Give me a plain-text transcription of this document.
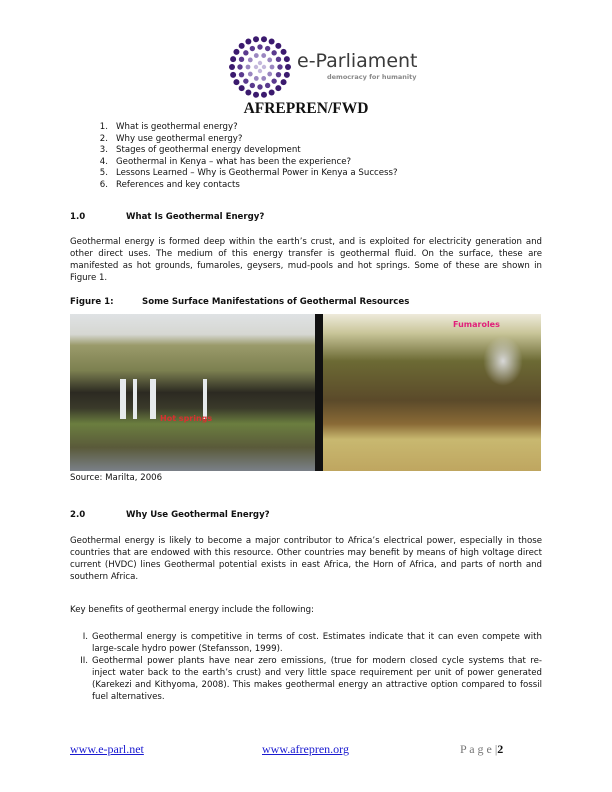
e-Parliament
democracy for humanity
AFREPREN/FWD
1. What is geothermal energy?
2. Why use geothermal energy?
3. Stages of geothermal energy development
4. Geothermal in Kenya – what has been the experience?
5. Lessons Learned – Why is Geothermal Power in Kenya a Success?
6. References and key contacts
1.0	What Is Geothermal Energy?
Geothermal energy is formed deep within the earth’s crust, and is exploited for electricity generation and other direct uses. The medium of this energy transfer is geothermal fluid. On the surface, these are manifested as hot grounds, fumaroles, geysers, mud-pools and hot springs. Some of these are shown in Figure 1.
Figure 1:	Some Surface Manifestations of Geothermal Resources
Hot springs
Fumaroles
Source: Marilta, 2006
2.0	Why Use Geothermal Energy?
Geothermal energy is likely to become a major contributor to Africa’s electrical power, especially in those countries that are endowed with this resource. Other countries may benefit by means of high voltage direct current (HVDC) lines Geothermal potential exists in east Africa, the Horn of Africa, and parts of north and southern Africa.
Key benefits of geothermal energy include the following:
I. Geothermal energy is competitive in terms of cost. Estimates indicate that it can even compete with large-scale hydro power (Stefansson, 1999).
II. Geothermal power plants have near zero emissions, (true for modern closed cycle systems that re-inject water back to the earth’s crust) and very little space requirement per unit of power generated (Karekezi and Kithyoma, 2008). This makes geothermal energy an attractive option compared to fossil fuel alternatives.
www.e-parl.net	www.afrepren.org	P a g e |2
